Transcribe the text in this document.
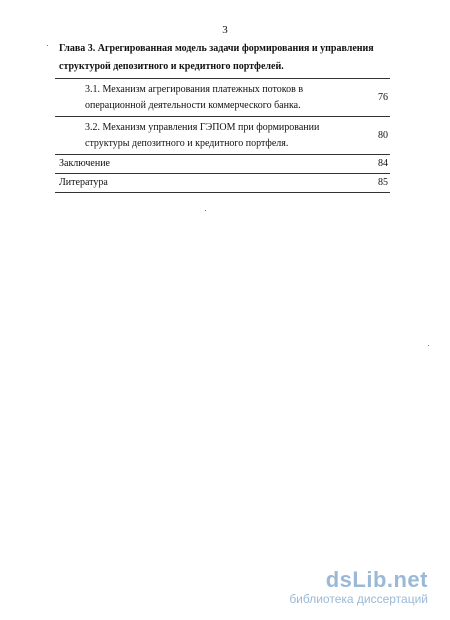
3
Глава 3. Агрегированная модель задачи формирования и управления структурой депозитного и кредитного портфелей.	
3.1. Механизм агрегирования платежных потоков в операционной деятельности коммерческого банка.	76
3.2. Механизм управления ГЭПОМ при формировании структуры депозитного и кредитного портфеля.	80
Заключение	84
Литература	85
dsLib.net
библиотека диссертаций
